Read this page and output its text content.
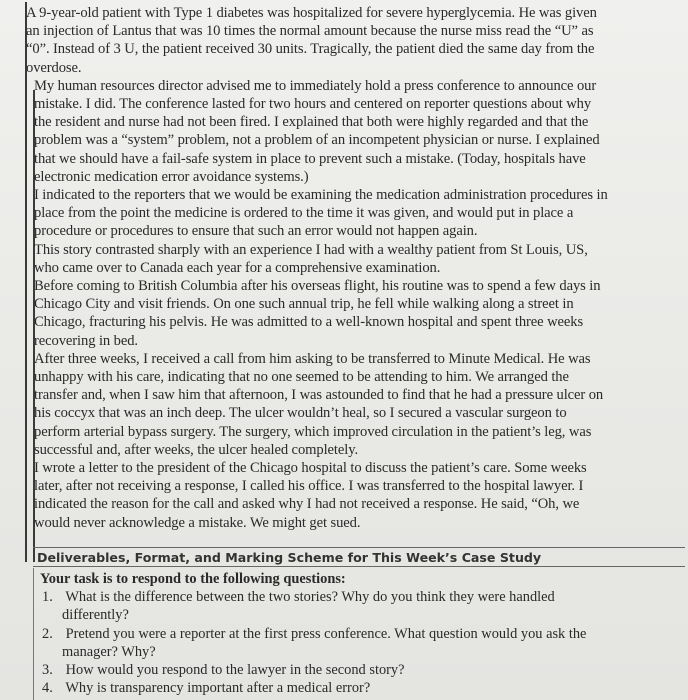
A 9-year-old patient with Type 1 diabetes was hospitalized for severe hyperglycemia. He was given

an injection of Lantus that was 10 times the normal amount because the nurse miss read the “U” as

“0”. Instead of 3 U, the patient received 30 units. Tragically, the patient died the same day from the

overdose.

My human resources director advised me to immediately hold a press conference to announce our

mistake. I did. The conference lasted for two hours and centered on reporter questions about why

the resident and nurse had not been fired. I explained that both were highly regarded and that the

problem was a “system” problem, not a problem of an incompetent physician or nurse. I explained

that we should have a fail-safe system in place to prevent such a mistake. (Today, hospitals have

electronic medication error avoidance systems.)

I indicated to the reporters that we would be examining the medication administration procedures in

place from the point the medicine is ordered to the time it was given, and would put in place a

procedure or procedures to ensure that such an error would not happen again.

This story contrasted sharply with an experience I had with a wealthy patient from St Louis, US,

who came over to Canada each year for a comprehensive examination.

Before coming to British Columbia after his overseas flight, his routine was to spend a few days in

Chicago City and visit friends. On one such annual trip, he fell while walking along a street in

Chicago, fracturing his pelvis. He was admitted to a well-known hospital and spent three weeks

recovering in bed.

After three weeks, I received a call from him asking to be transferred to Minute Medical. He was

unhappy with his care, indicating that no one seemed to be attending to him. We arranged the

transfer and, when I saw him that afternoon, I was astounded to find that he had a pressure ulcer on

his coccyx that was an inch deep. The ulcer wouldn’t heal, so I secured a vascular surgeon to

perform arterial bypass surgery. The surgery, which improved circulation in the patient’s leg, was

successful and, after weeks, the ulcer healed completely.

I wrote a letter to the president of the Chicago hospital to discuss the patient’s care. Some weeks

later, after not receiving a response, I called his office. I was transferred to the hospital lawyer. I

indicated the reason for the call and asked why I had not received a response. He said, “Oh, we

would never acknowledge a mistake. We might get sued.

Deliverables, Format, and Marking Scheme for This Week’s Case Study

Your task is to respond to the following questions:

1. What is the difference between the two stories? Why do you think they were handled
differently?
2. Pretend you were a reporter at the first press conference. What question would you ask the
manager? Why?
3. How would you respond to the lawyer in the second story?
4. Why is transparency important after a medical error?
